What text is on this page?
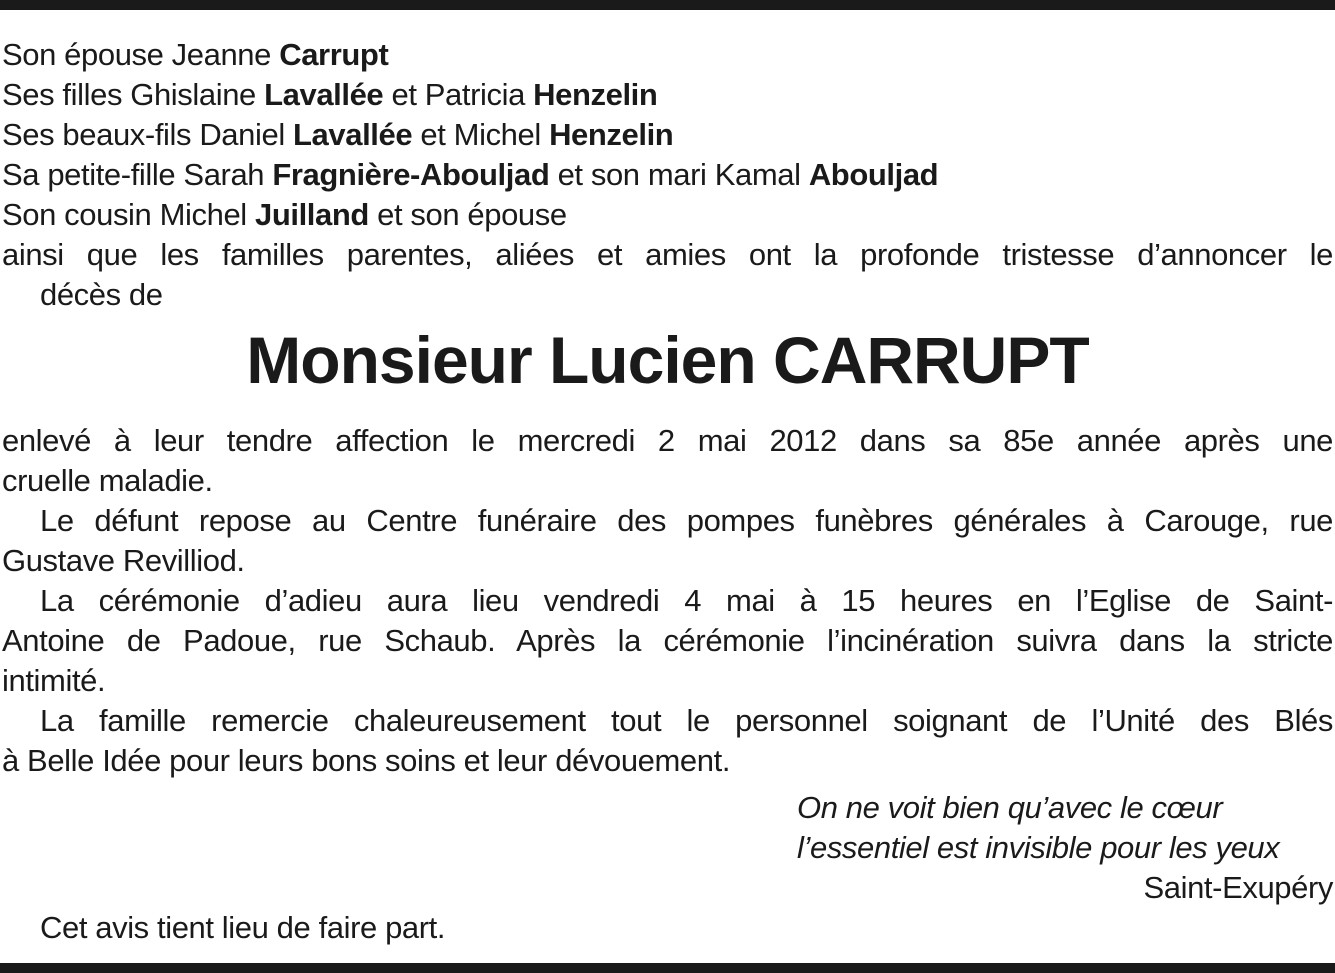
Son épouse Jeanne Carrupt
Ses filles Ghislaine Lavallée et Patricia Henzelin
Ses beaux-fils Daniel Lavallée et Michel Henzelin
Sa petite-fille Sarah Fragnière-Abouljad et son mari Kamal Abouljad
Son cousin Michel Juilland et son épouse
ainsi que les familles parentes, aliées et amies ont la profonde tristesse d’annoncer le
décès de
Monsieur Lucien CARRUPT
enlevé à leur tendre affection le mercredi 2 mai 2012 dans sa 85e année après une
cruelle maladie.
Le défunt repose au Centre funéraire des pompes funèbres générales à Carouge, rue
Gustave Revilliod.
La cérémonie d’adieu aura lieu vendredi 4 mai à 15 heures en l’Eglise de Saint-
Antoine de Padoue, rue Schaub. Après la cérémonie l’incinération suivra dans la stricte
intimité.
La famille remercie chaleureusement tout le personnel soignant de l’Unité des Blés
à Belle Idée pour leurs bons soins et leur dévouement.
On ne voit bien qu’avec le cœur
l’essentiel est invisible pour les yeux
Saint-Exupéry
Cet avis tient lieu de faire part.
